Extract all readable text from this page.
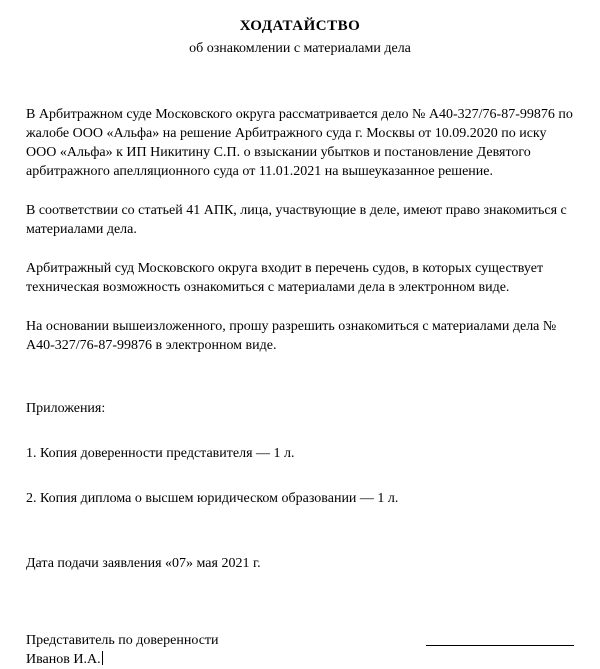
ХОДАТАЙСТВО
об ознакомлении с материалами дела

В Арбитражном суде Московского округа рассматривается дело № А40-327/76-87-99876 по жалобе ООО «Альфа» на решение Арбитражного суда г. Москвы от 10.09.2020 по иску ООО «Альфа» к ИП Никитину С.П. о взыскании убытков и постановление Девятого арбитражного апелляционного суда от 11.01.2021 на вышеуказанное решение.

В соответствии со статьей 41 АПК, лица, участвующие в деле, имеют право знакомиться с материалами дела.

Арбитражный суд Московского округа входит в перечень судов, в которых существует техническая возможность ознакомиться с материалами дела в электронном виде.

На основании вышеизложенного, прошу разрешить ознакомиться с материалами дела № А40-327/76-87-99876 в электронном виде.

Приложения:
1. Копия доверенности представителя — 1 л.
2. Копия диплома о высшем юридическом образовании — 1 л.
Дата подачи заявления «07» мая 2021 г.
Представитель по доверенности
Иванов И.А.
